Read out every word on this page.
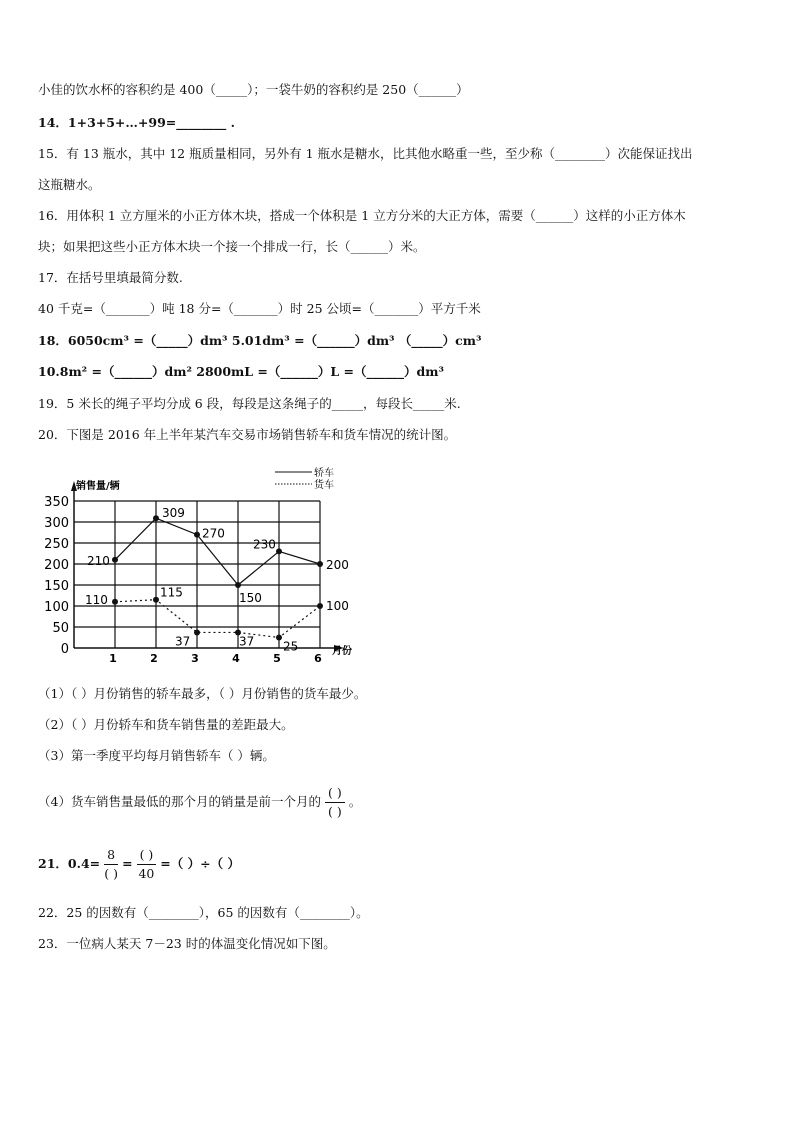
小佳的饮水杯的容积约是 400（_____）；一袋牛奶的容积约是 250（______）
14．1+3+5+…+99=________ .
15．有 13 瓶水，其中 12 瓶质量相同，另外有 1 瓶水是糖水，比其他水略重一些，至少称（________）次能保证找出
这瓶糖水。
16．用体积 1 立方厘米的小正方体木块，搭成一个体积是 1 立方分米的大正方体，需要（______）这样的小正方体木
块；如果把这些小正方体木块一个接一个排成一行，长（______）米。
17．在括号里填最简分数.
40 千克=（_______）吨 18 分=（_______）时 25 公顷=（_______）平方千米
18．6050cm³ =（_____）dm³ 5.01dm³ =（______）dm³ （_____）cm³
10.8m² =（______）dm² 2800mL =（______）L =（______）dm³
19．5 米长的绳子平均分成 6 段，每段是这条绳子的_____，每段长_____米.
20．下图是 2016 年上半年某汽车交易市场销售轿车和货车情况的统计图。
0
50
100
150
200
250
300
350
1	2	3	4	5	6
销售量/辆
月份
轿车
货车
210
309
270
150
230
200
110
115
37	37 25
100
（1）（ ）月份销售的轿车最多，（ ）月份销售的货车最少。
（2）（ ）月份轿车和货车销售量的差距最大。
（3）第一季度平均每月销售轿车（ ）辆。
（4）货车销售量最低的那个月的销量是前一个月的 $\frac{( )}{( )}$ 。
21．$0.4= \frac{8}{( )} = \frac{( )}{40}$ =（ ）÷（ ）
22．25 的因数有（________），65 的因数有（________）。
23．一位病人某天 7－23 时的体温变化情况如下图。
